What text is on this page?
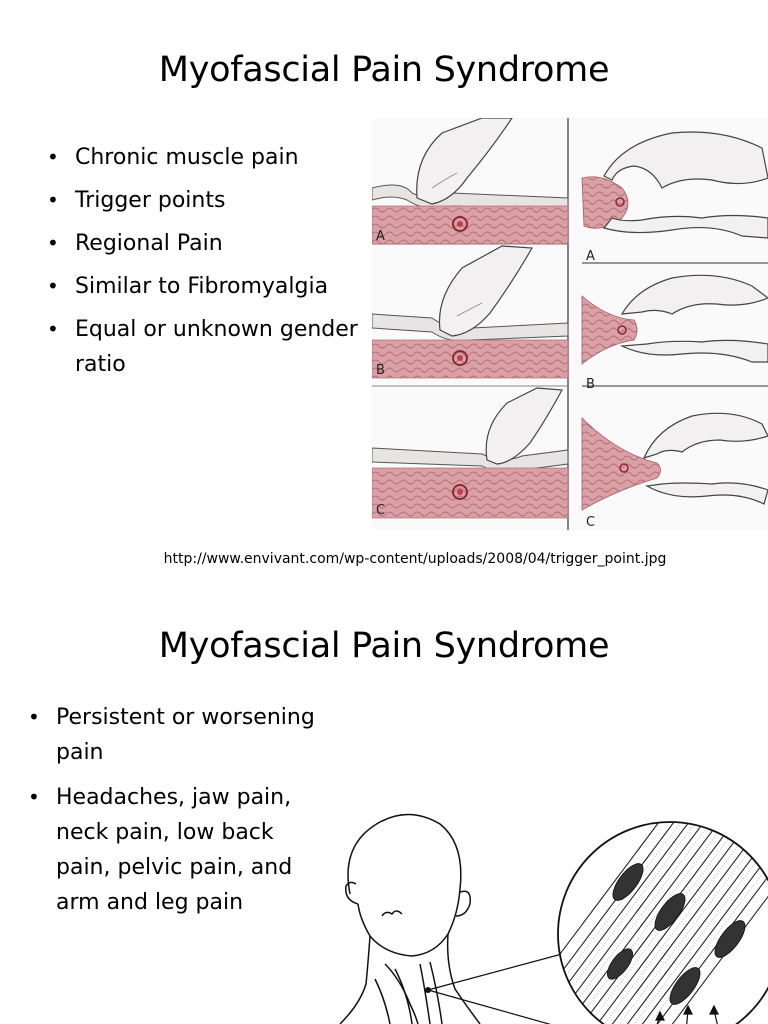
Myofascial Pain Syndrome
• Chronic muscle pain
• Trigger points
• Regional Pain
• Similar to Fibromyalgia
• Equal or unknown gender ratio
A
B
C
A
B
C
http://www.envivant.com/wp-content/uploads/2008/04/trigger_point.jpg
Myofascial Pain Syndrome
• Persistent or worsening pain
• Headaches, jaw pain, neck pain, low back pain, pelvic pain, and arm and leg pain
